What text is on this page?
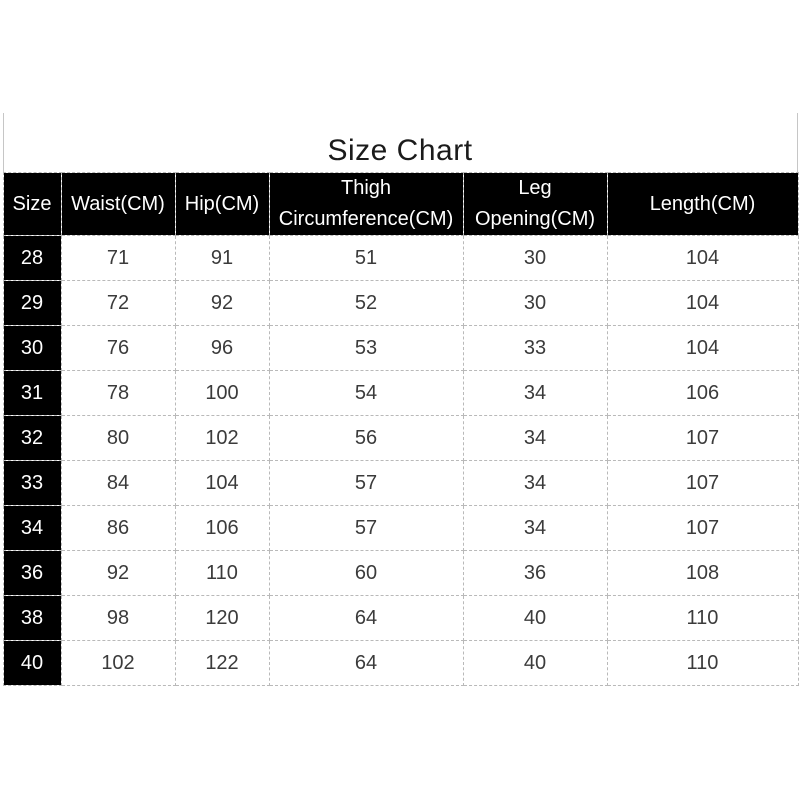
Size Chart
Size	Waist(CM)	Hip(CM)	Thigh Circumference(CM)	Leg Opening(CM)	Length(CM)
28	71	91	51	30	104
29	72	92	52	30	104
30	76	96	53	33	104
31	78	100	54	34	106
32	80	102	56	34	107
33	84	104	57	34	107
34	86	106	57	34	107
36	92	110	60	36	108
38	98	120	64	40	110
40	102	122	64	40	110
